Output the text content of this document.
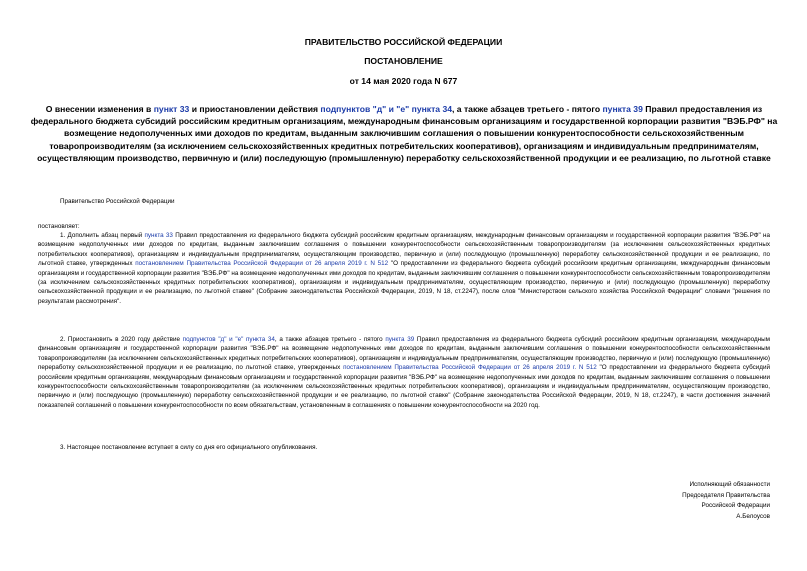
ПРАВИТЕЛЬСТВО РОССИЙСКОЙ ФЕДЕРАЦИИ
ПОСТАНОВЛЕНИЕ
от 14 мая 2020 года N 677
О внесении изменения в пункт 33 и приостановлении действия подпунктов "д" и "е" пункта 34, а также абзацев третьего - пятого пункта 39 Правил предоставления из федерального бюджета субсидий российским кредитным организациям, международным финансовым организациям и государственной корпорации развития "ВЭБ.РФ" на возмещение недополученных ими доходов по кредитам, выданным заключившим соглашения о повышении конкурентоспособности сельскохозяйственным товаропроизводителям (за исключением сельскохозяйственных кредитных потребительских кооперативов), организациям и индивидуальным предпринимателям, осуществляющим производство, первичную и (или) последующую (промышленную) переработку сельскохозяйственной продукции и ее реализацию, по льготной ставке
Правительство Российской Федерации
постановляет:
1. Дополнить абзац первый пункта 33 Правил предоставления из федерального бюджета субсидий российским кредитным организациям, международным финансовым организациям и государственной корпорации развития "ВЭБ.РФ" на возмещение недополученных ими доходов по кредитам, выданным заключившим соглашения о повышении конкурентоспособности сельскохозяйственным товаропроизводителям (за исключением сельскохозяйственных кредитных потребительских кооперативов), организациям и индивидуальным предпринимателям, осуществляющим производство, первичную и (или) последующую (промышленную) переработку сельскохозяйственной продукции и ее реализацию, по льготной ставке, утвержденных постановлением Правительства Российской Федерации от 26 апреля 2019 г. N 512 "О предоставлении из федерального бюджета субсидий российским кредитным организациям, международным финансовым организациям и государственной корпорации развития "ВЭБ.РФ" на возмещение недополученных ими доходов по кредитам, выданным заключившим соглашения о повышении конкурентоспособности сельскохозяйственным товаропроизводителям (за исключением сельскохозяйственных кредитных потребительских кооперативов), организациям и индивидуальным предпринимателям, осуществляющим производство, первичную и (или) последующую (промышленную) переработку сельскохозяйственной продукции и ее реализацию, по льготной ставке" (Собрание законодательства Российской Федерации, 2019, N 18, ст.2247), после слов "Министерством сельского хозяйства Российской Федерации" словами "решения по результатам рассмотрения".
2. Приостановить в 2020 году действие подпунктов "д" и "е" пункта 34, а также абзацев третьего - пятого пункта 39 Правил предоставления из федерального бюджета субсидий российским кредитным организациям, международным финансовым организациям и государственной корпорации развития "ВЭБ.РФ" на возмещение недополученных ими доходов по кредитам, выданным заключившим соглашения о повышении конкурентоспособности сельскохозяйственным товаропроизводителям (за исключением сельскохозяйственных кредитных потребительских кооперативов), организациям и индивидуальным предпринимателям, осуществляющим производство, первичную и (или) последующую (промышленную) переработку сельскохозяйственной продукции и ее реализацию, по льготной ставке, утвержденных постановлением Правительства Российской Федерации от 26 апреля 2019 г. N 512 "О предоставлении из федерального бюджета субсидий российским кредитным организациям, международным финансовым организациям и государственной корпорации развития "ВЭБ.РФ" на возмещение недополученных ими доходов по кредитам, выданным заключившим соглашения о повышении конкурентоспособности сельскохозяйственным товаропроизводителям (за исключением сельскохозяйственных кредитных потребительских кооперативов), организациям и индивидуальным предпринимателям, осуществляющим производство, первичную и (или) последующую (промышленную) переработку сельскохозяйственной продукции и ее реализацию, по льготной ставке" (Собрание законодательства Российской Федерации, 2019, N 18, ст.2247), в части достижения значений показателей соглашений о повышении конкурентоспособности по всем обязательствам, установленным в соглашениях о повышении конкурентоспособности на 2020 год.
3. Настоящее постановление вступает в силу со дня его официального опубликования.
Исполняющий обязанности
Председателя Правительства
Российской Федерации
А.Белоусов
